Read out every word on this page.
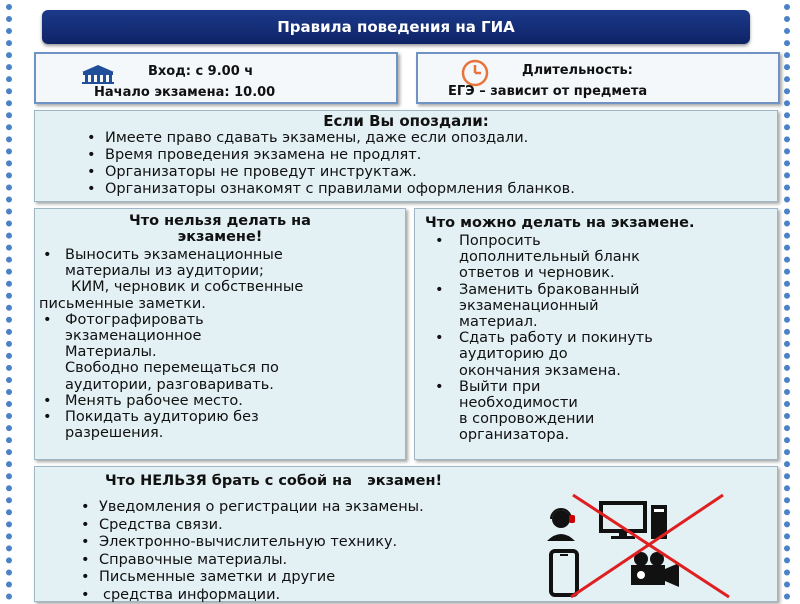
Правила поведения на ГИА
Вход: с 9.00 ч
Начало экзамена: 10.00
Длительность:
ЕГЭ – зависит от предмета
Если Вы опоздали:
• Имеете право сдавать экзамены, даже если опоздали.
• Время проведения экзамена не продлят.
• Организаторы не проведут инструктаж.
• Организаторы ознакомят с правилами оформления бланков.
Что нельзя делать на
экзамене!
• Выносить экзаменационные
материалы из аудитории;
КИМ, черновик и собственные
письменные заметки.
• Фотографировать
экзаменационное
Материалы.
Свободно перемещаться по
аудитории, разговаривать.
• Менять рабочее место.
• Покидать аудиторию без
разрешения.
Что можно делать на экзамене.
• Попросить
дополнительный бланк
ответов и черновик.
• Заменить бракованный
экзаменационный
материал.
• Сдать работу и покинуть
аудиторию до
окончания экзамена.
• Выйти при
необходимости
в сопровождении
организатора.
Что НЕЛЬЗЯ брать с собой на   экзамен!
• Уведомления о регистрации на экзамены.
• Средства связи.
• Электронно-вычислительную технику.
• Справочные материалы.
• Письменные заметки и другие
• средства информации.
